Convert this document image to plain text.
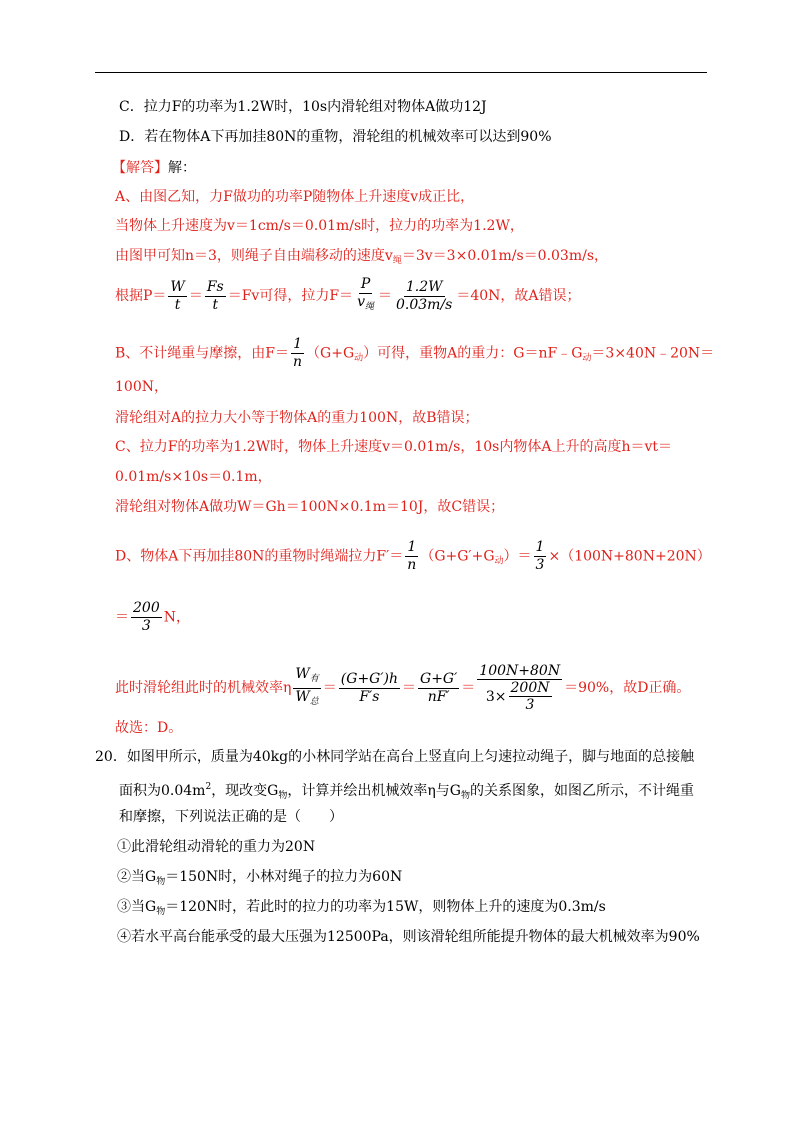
C．拉力F的功率为1.2W时，10s内滑轮组对物体A做功12J
D．若在物体A下再加挂80N的重物，滑轮组的机械效率可以达到90%
【解答】解：
A、由图乙知，力F做功的功率P随物体上升速度v成正比，
当物体上升速度为v＝1cm/s＝0.01m/s时，拉力的功率为1.2W，
由图甲可知n＝3，则绳子自由端移动的速度$v_绳=3v=3\times 0.01m/s=0.03m/s$，
根据$P= \frac{W}{t} = \frac{Fs}{t} =Fv$可得，拉力$F= \frac{P}{v_绳} = \frac{1.2W}{0.03m/s} =40N$，故A错误；
B、不计绳重与摩擦，由$F= \frac{1}{n} (G+G_动)$可得，重物A的重力：$G=nF﹣G_动=3\times 40N﹣20N=$
100N，
滑轮组对A的拉力大小等于物体A的重力100N，故B错误；
C、拉力F的功率为1.2W时，物体上升速度v＝0.01m/s，10s内物体A上升的高度h＝vt＝
0.01m/s×10s＝0.1m，
滑轮组对物体A做功W＝Gh＝100N×0.1m＝10J，故C错误；
D、物体A下再加挂80N的重物时绳端拉力$F'= \frac{1}{n} (G+G'+G_动)= \frac{1}{3} \times(100N+80N+20N)$
＝ $\frac{200}{3}$ N，
此时滑轮组此时的机械效率η $\frac{W_有}{W_总} = \frac{(G+G')h}{F's} = \frac{G+G'}{nF'} = \frac{100N+80N}{3\times \frac{200N}{3}} =90\%$，故D正确。
故选：D。
20．如图甲所示，质量为40kg的小林同学站在高台上竖直向上匀速拉动绳子，脚与地面的总接触
面积为$0.04m^2$，现改变$G_物$，计算并绘出机械效率η与$G_物$的关系图象，如图乙所示，不计绳重
和摩擦，下列说法正确的是（　　）
①此滑轮组动滑轮的重力为20N
②当$G_物=150N$时，小林对绳子的拉力为60N
③当$G_物=120N$时，若此时的拉力的功率为15W，则物体上升的速度为0.3m/s
④若水平高台能承受的最大压强为12500Pa，则该滑轮组所能提升物体的最大机械效率为90%
